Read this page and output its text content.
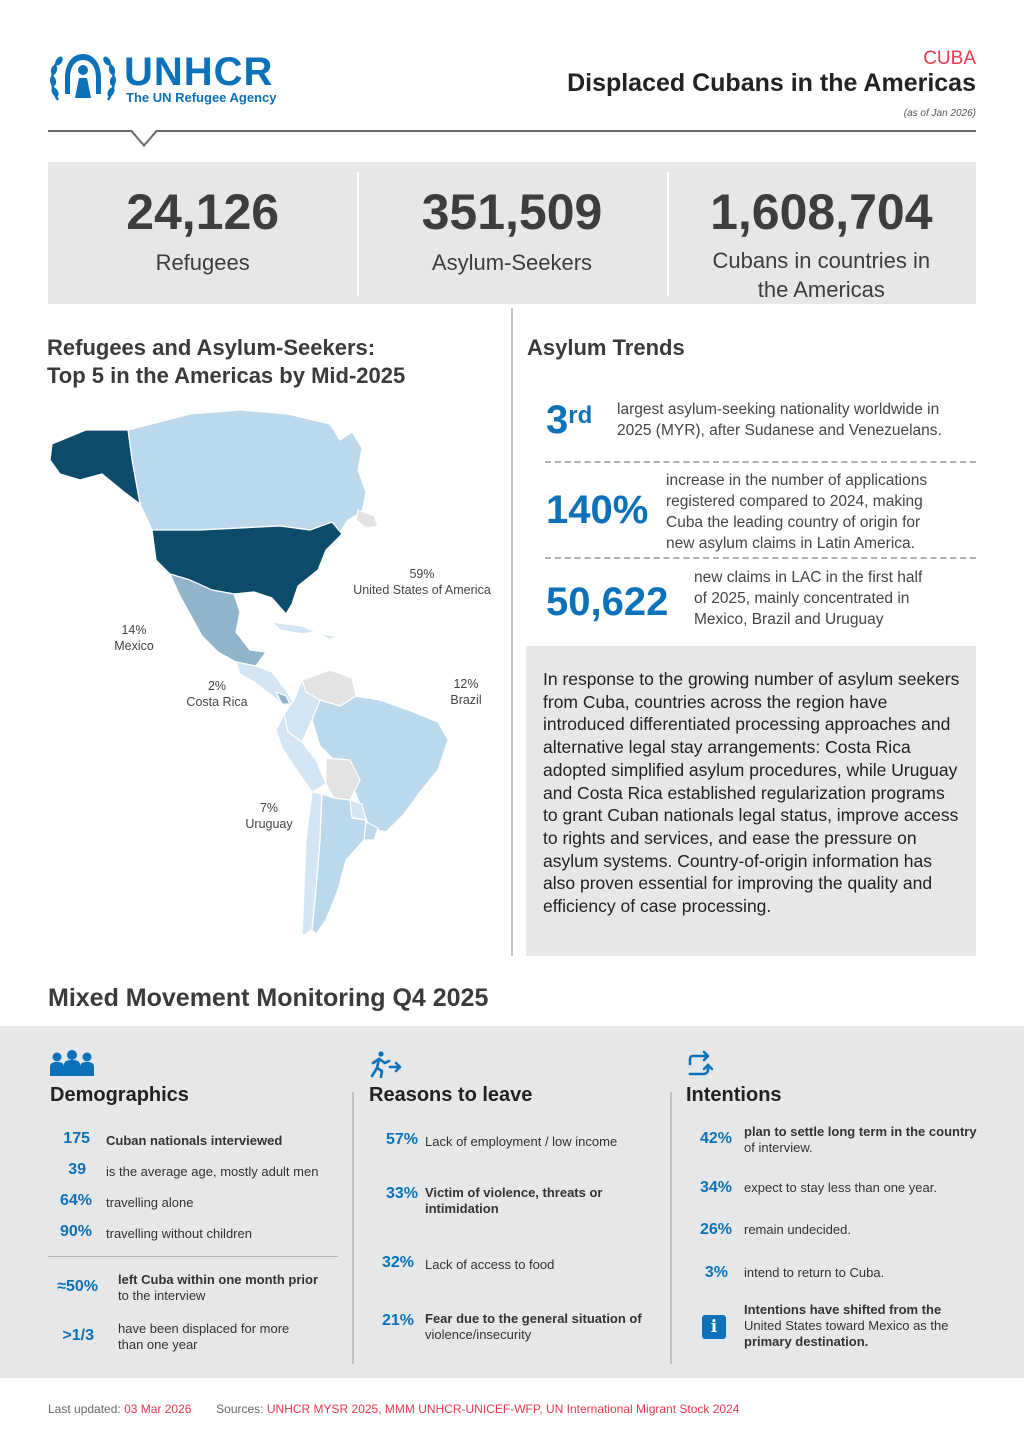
UNHCR
The UN Refugee Agency
CUBA
Displaced Cubans in the Americas
(as of Jan 2026)
24,126
Refugees
351,509
Asylum-Seekers
1,608,704
Cubans in countries in
the Americas
Refugees and Asylum-Seekers:
Top 5 in the Americas by Mid-2025
59%
United States of America
14%
Mexico
2%
Costa Rica
12%
Brazil
7%
Uruguay
Asylum Trends
3rd largest asylum-seeking nationality worldwide in
2025 (MYR), after Sudanese and Venezuelans.
140%
increase in the number of applications
registered compared to 2024, making
Cuba the leading country of origin for
new asylum claims in Latin America.
50,622
new claims in LAC in the first half
of 2025, mainly concentrated in
Mexico, Brazil and Uruguay
In response to the growing number of asylum seekers from Cuba, countries across the region have introduced differentiated processing approaches and alternative legal stay arrangements: Costa Rica adopted simplified asylum procedures, while Uruguay and Costa Rica established regularization programs to grant Cuban nationals legal status, improve access to rights and services, and ease the pressure on asylum systems. Country-of-origin information has also proven essential for improving the quality and efficiency of case processing.
Mixed Movement Monitoring Q4 2025
Demographics
175 Cuban nationals interviewed
39 is the average age, mostly adult men
64% travelling alone
90% travelling without children
≈50% left Cuba within one month prior
to the interview
>1/3 have been displaced for more
than one year
Reasons to leave
57% Lack of employment / low income
33% Victim of violence, threats or
intimidation
32% Lack of access to food
21% Fear due to the general situation of
violence/insecurity
Intentions
42% plan to settle long term in the country
of interview.
34% expect to stay less than one year.
26% remain undecided.
3% intend to return to Cuba.
i
Intentions have shifted from the
United States toward Mexico as the
primary destination.
Last updated: 03 Mar 2026 Sources: UNHCR MYSR 2025, MMM UNHCR-UNICEF-WFP, UN International Migrant Stock 2024
